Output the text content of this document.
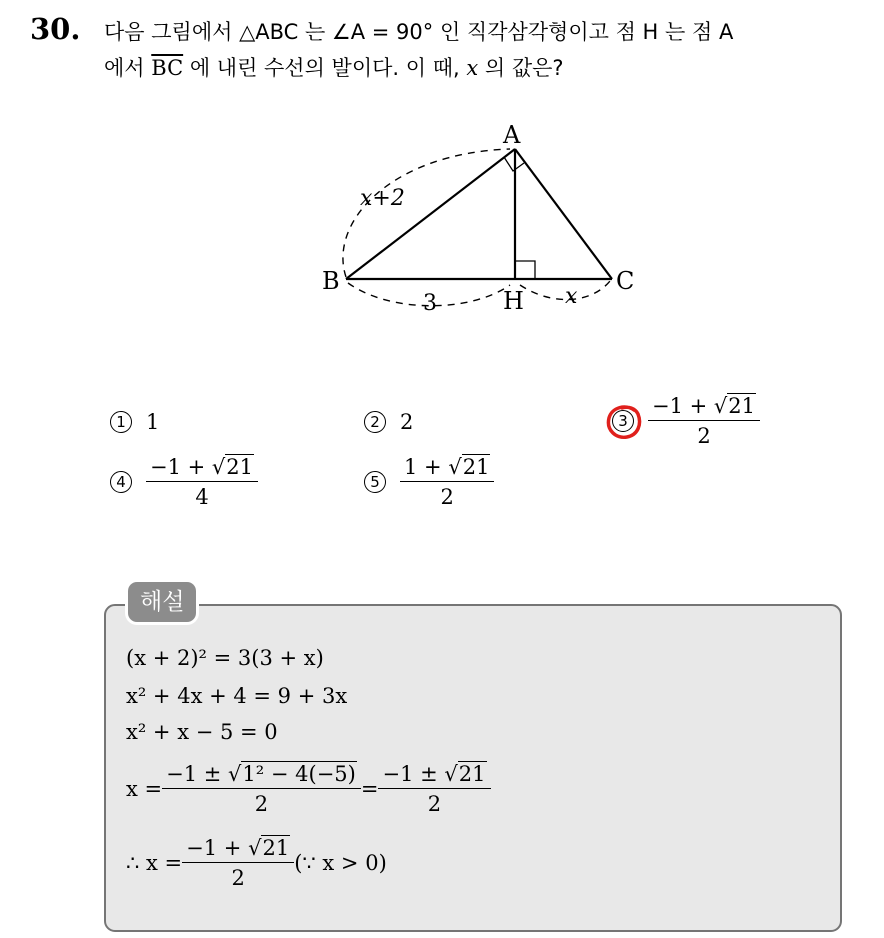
30. 다음 그림에서 △ABC 는 ∠A = 90° 인 직각삼각형이고 점 H 는 점 A
에서 $\overline{BC}$ 에 내린 수선의 발이다. 이 때, x 의 값은?
A
B	C
H
x+2
3	x
1 1	2 2	$3 \frac{-1 + √21}{2}$
$4 \frac{-1 + √21}{4}$	$5 \frac{1 + √21}{2}$
해설
(x + 2)² = 3(3 + x)
x² + 4x + 4 = 9 + 3x
x² + x − 5 = 0
$x = \frac{\text{−1 ± √1² − 4(−5)}}{2} = \frac{-1 \pm √21}{2}$
∴ $x = \frac{-1 + √21}{2}$ (∵ x > 0)
